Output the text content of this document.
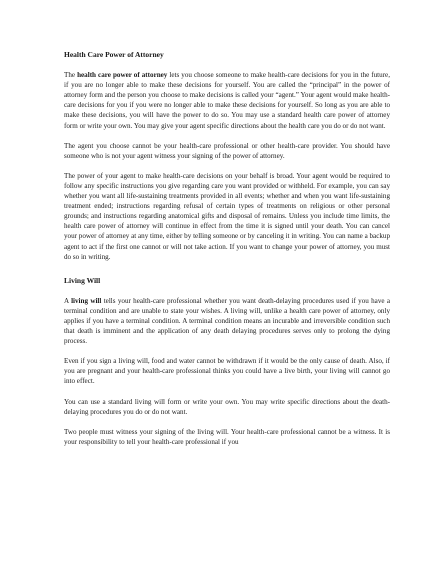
Health Care Power of Attorney

The health care power of attorney lets you choose someone to make health-care decisions for you in the future, if you are no longer able to make these decisions for yourself. You are called the “principal” in the power of attorney form and the person you choose to make decisions is called your “agent.” Your agent would make health-care decisions for you if you were no longer able to make these decisions for yourself. So long as you are able to make these decisions, you will have the power to do so. You may use a standard health care power of attorney form or write your own. You may give your agent specific directions about the health care you do or do not want.

The agent you choose cannot be your health-care professional or other health-care provider. You should have someone who is not your agent witness your signing of the power of attorney.

The power of your agent to make health-care decisions on your behalf is broad. Your agent would be required to follow any specific instructions you give regarding care you want provided or withheld. For example, you can say whether you want all life-sustaining treatments provided in all events; whether and when you want life-sustaining treatment ended; instructions regarding refusal of certain types of treatments on religious or other personal grounds; and instructions regarding anatomical gifts and disposal of remains. Unless you include time limits, the health care power of attorney will continue in effect from the time it is signed until your death. You can cancel your power of attorney at any time, either by telling someone or by canceling it in writing. You can name a backup agent to act if the first one cannot or will not take action. If you want to change your power of attorney, you must do so in writing.

Living Will

A living will tells your health-care professional whether you want death-delaying procedures used if you have a terminal condition and are unable to state your wishes. A living will, unlike a health care power of attorney, only applies if you have a terminal condition. A terminal condition means an incurable and irreversible condition such that death is imminent and the application of any death delaying procedures serves only to prolong the dying process.

Even if you sign a living will, food and water cannot be withdrawn if it would be the only cause of death. Also, if you are pregnant and your health-care professional thinks you could have a live birth, your living will cannot go into effect.

You can use a standard living will form or write your own. You may write specific directions about the death-delaying procedures you do or do not want.

Two people must witness your signing of the living will. Your health-care professional cannot be a witness. It is your responsibility to tell your health-care professional if you
